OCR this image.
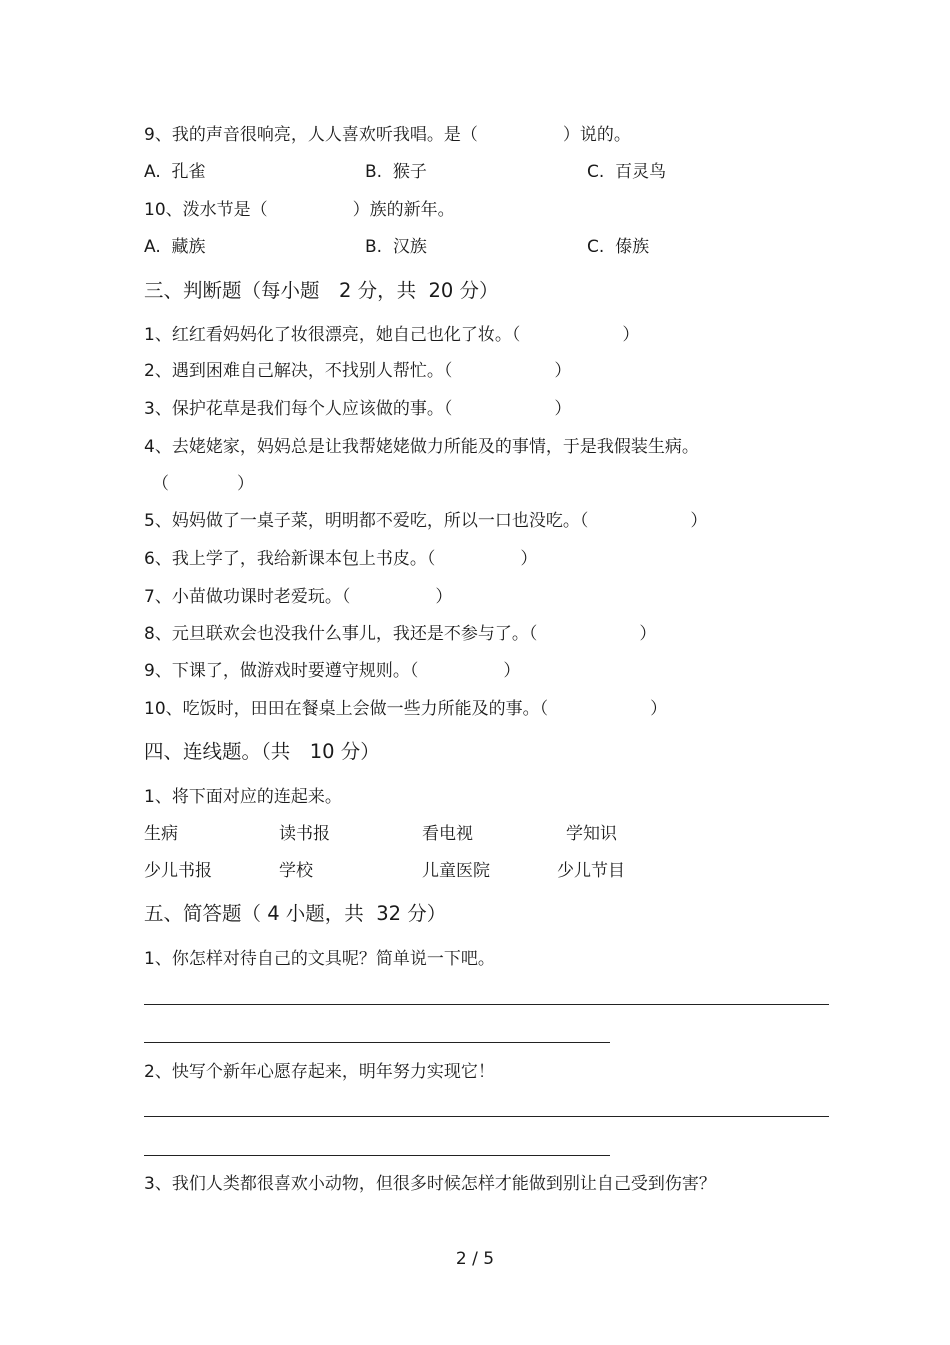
9、我的声音很响亮，人人喜欢听我唱。是（　　　　　）说的。
A.  孔雀	B.  猴子	C.  百灵鸟
10、泼水节是（　　　　　）族的新年。
A.  藏族	B.  汉族	C.  傣族
三、判断题（每小题　2 分，共  20 分）
1、红红看妈妈化了妆很漂亮，她自己也化了妆。（　　　　　　）
2、遇到困难自己解决，不找别人帮忙。（　　　　　　）
3、保护花草是我们每个人应该做的事。（　　　　　　）
4、去姥姥家，妈妈总是让我帮姥姥做力所能及的事情，于是我假装生病。
（　　　　）
5、妈妈做了一桌子菜，明明都不爱吃，所以一口也没吃。（　　　　　　）
6、我上学了，我给新课本包上书皮。（　　　　　）
7、小苗做功课时老爱玩。（　　　　　）
8、元旦联欢会也没我什么事儿，我还是不参与了。（　　　　　　）
9、下课了，做游戏时要遵守规则。（　　　　　）
10、吃饭时，田田在餐桌上会做一些力所能及的事。（　　　　　　）
四、连线题。（共　10 分）
1、将下面对应的连起来。
生病	读书报	看电视	学知识
少儿书报	学校	儿童医院	少儿节目
五、简答题（ 4 小题，共  32 分）
1、你怎样对待自己的文具呢？简单说一下吧。
2、快写个新年心愿存起来，明年努力实现它！
3、我们人类都很喜欢小动物，但很多时候怎样才能做到别让自己受到伤害？
2 / 5
